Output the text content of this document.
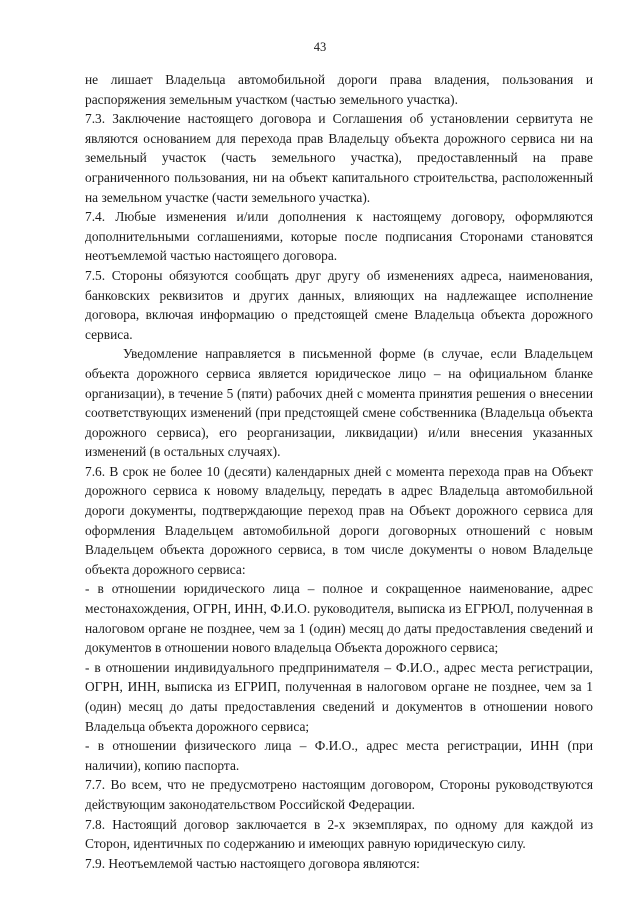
43

не лишает Владельца автомобильной дороги права владения, пользования и распоряжения земельным участком (частью земельного участка).

7.3. Заключение настоящего договора и Соглашения об установлении сервитута не являются основанием для перехода прав Владельцу объекта дорожного сервиса ни на земельный участок (часть земельного участка), предоставленный на праве ограниченного пользования, ни на объект капитального строительства, расположенный на земельном участке (части земельного участка).

7.4. Любые изменения и/или дополнения к настоящему договору, оформляются дополнительными соглашениями, которые после подписания Сторонами становятся неотъемлемой частью настоящего договора.

7.5. Стороны обязуются сообщать друг другу об изменениях адреса, наименования, банковских реквизитов и других данных, влияющих на надлежащее исполнение договора, включая информацию о предстоящей смене Владельца объекта дорожного сервиса.

Уведомление направляется в письменной форме (в случае, если Владельцем объекта дорожного сервиса является юридическое лицо – на официальном бланке организации), в течение 5 (пяти) рабочих дней с момента принятия решения о внесении соответствующих изменений (при предстоящей смене собственника (Владельца объекта дорожного сервиса), его реорганизации, ликвидации) и/или внесения указанных изменений (в остальных случаях).

7.6. В срок не более 10 (десяти) календарных дней с момента перехода прав на Объект дорожного сервиса к новому владельцу, передать в адрес Владельца автомобильной дороги документы, подтверждающие переход прав на Объект дорожного сервиса для оформления Владельцем автомобильной дороги договорных отношений с новым Владельцем объекта дорожного сервиса, в том числе документы о новом Владельце объекта дорожного сервиса:

- в отношении юридического лица – полное и сокращенное наименование, адрес местонахождения, ОГРН, ИНН, Ф.И.О. руководителя, выписка из ЕГРЮЛ, полученная в налоговом органе не позднее, чем за 1 (один) месяц до даты предоставления сведений и документов в отношении нового владельца Объекта дорожного сервиса;

- в отношении индивидуального предпринимателя – Ф.И.О., адрес места регистрации, ОГРН, ИНН, выписка из ЕГРИП, полученная в налоговом органе не позднее, чем за 1 (один) месяц до даты предоставления сведений и документов в отношении нового Владельца объекта дорожного сервиса;

- в отношении физического лица – Ф.И.О., адрес места регистрации, ИНН (при наличии), копию паспорта.

7.7. Во всем, что не предусмотрено настоящим договором, Стороны руководствуются действующим законодательством Российской Федерации.

7.8. Настоящий договор заключается в 2-х экземплярах, по одному для каждой из Сторон, идентичных по содержанию и имеющих равную юридическую силу.

7.9. Неотъемлемой частью настоящего договора являются:
